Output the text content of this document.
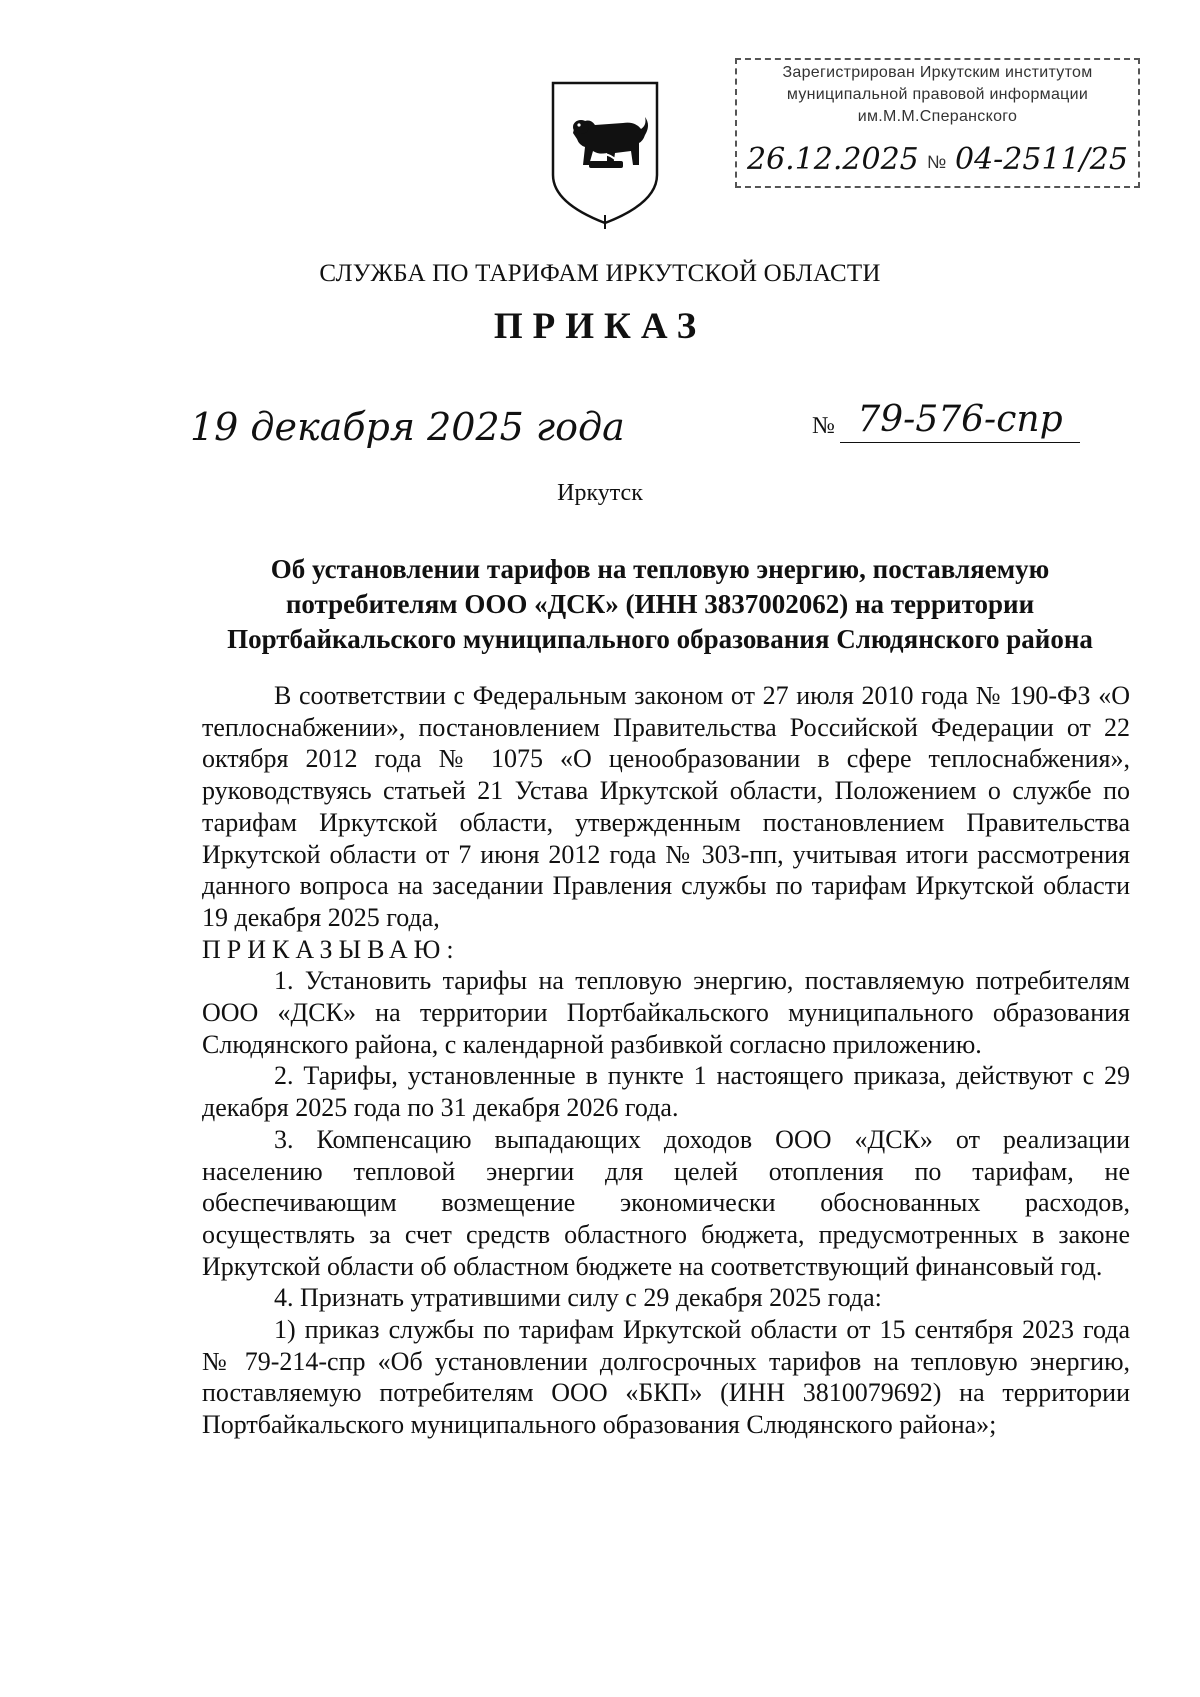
Зарегистрирован Иркутским институтом
муниципальной правовой информации
им.М.М.Сперанского
26.12.2025 № 04-2511/25
СЛУЖБА ПО ТАРИФАМ ИРКУТСКОЙ ОБЛАСТИ
ПРИКАЗ
19 декабря 2025 года	№ 79-576-спр
Иркутск
Об установлении тарифов на тепловую энергию, поставляемую
потребителям ООО «ДСК» (ИНН 3837002062) на территории
Портбайкальского муниципального образования Слюдянского района

В соответствии с Федеральным законом от 27 июля 2010 года № 190-ФЗ «О теплоснабжении», постановлением Правительства Российской Федерации от 22 октября 2012 года № 1075 «О ценообразовании в сфере теплоснабжения», руководствуясь статьей 21 Устава Иркутской области, Положением о службе по тарифам Иркутской области, утвержденным постановлением Правительства Иркутской области от 7 июня 2012 года № 303-пп, учитывая итоги рассмотрения данного вопроса на заседании Правления службы по тарифам Иркутской области 19 декабря 2025 года,

ПРИКАЗЫВАЮ:

1. Установить тарифы на тепловую энергию, поставляемую потребителям ООО «ДСК» на территории Портбайкальского муниципального образования Слюдянского района, с календарной разбивкой согласно приложению.

2. Тарифы, установленные в пункте 1 настоящего приказа, действуют с 29 декабря 2025 года по 31 декабря 2026 года.

3. Компенсацию выпадающих доходов ООО «ДСК» от реализации населению тепловой энергии для целей отопления по тарифам, не обеспечивающим возмещение экономически обоснованных расходов, осуществлять за счет средств областного бюджета, предусмотренных в законе Иркутской области об областном бюджете на соответствующий финансовый год.

4. Признать утратившими силу с 29 декабря 2025 года:

1) приказ службы по тарифам Иркутской области от 15 сентября 2023 года № 79-214-спр «Об установлении долгосрочных тарифов на тепловую энергию, поставляемую потребителям ООО «БКП» (ИНН 3810079692) на территории Портбайкальского муниципального образования Слюдянского района»;
